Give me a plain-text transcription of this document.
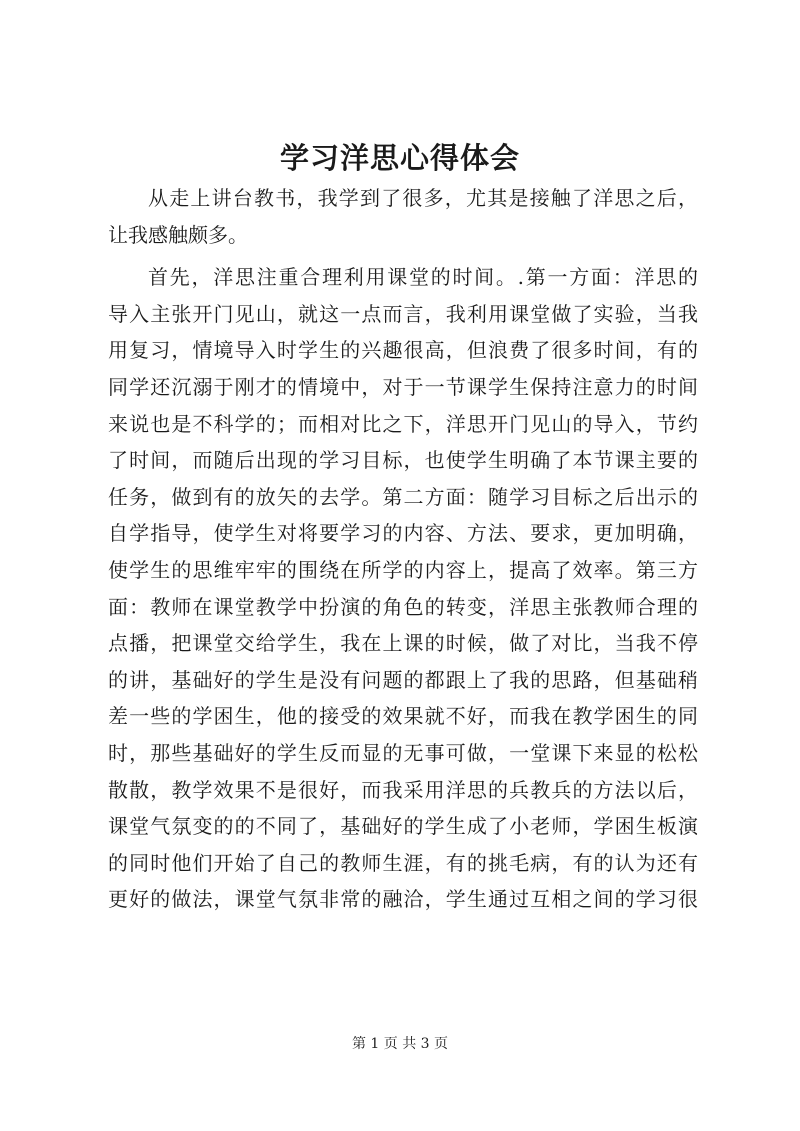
学习洋思心得体会
从走上讲台教书，我学到了很多，尤其是接触了洋思之后，
让我感触颇多。
首先，洋思注重合理利用课堂的时间。.第一方面：洋思的
导入主张开门见山，就这一点而言，我利用课堂做了实验，当我
用复习，情境导入时学生的兴趣很高，但浪费了很多时间，有的
同学还沉溺于刚才的情境中，对于一节课学生保持注意力的时间
来说也是不科学的；而相对比之下，洋思开门见山的导入，节约
了时间，而随后出现的学习目标，也使学生明确了本节课主要的
任务，做到有的放矢的去学。第二方面：随学习目标之后出示的
自学指导，使学生对将要学习的内容、方法、要求，更加明确，
使学生的思维牢牢的围绕在所学的内容上，提高了效率。第三方
面：教师在课堂教学中扮演的角色的转变，洋思主张教师合理的
点播，把课堂交给学生，我在上课的时候，做了对比，当我不停
的讲，基础好的学生是没有问题的都跟上了我的思路，但基础稍
差一些的学困生，他的接受的效果就不好，而我在教学困生的同
时，那些基础好的学生反而显的无事可做，一堂课下来显的松松
散散，教学效果不是很好，而我采用洋思的兵教兵的方法以后，
课堂气氛变的的不同了，基础好的学生成了小老师，学困生板演
的同时他们开始了自己的教师生涯，有的挑毛病，有的认为还有
更好的做法，课堂气氛非常的融洽，学生通过互相之间的学习很
第 1 页 共 3 页
